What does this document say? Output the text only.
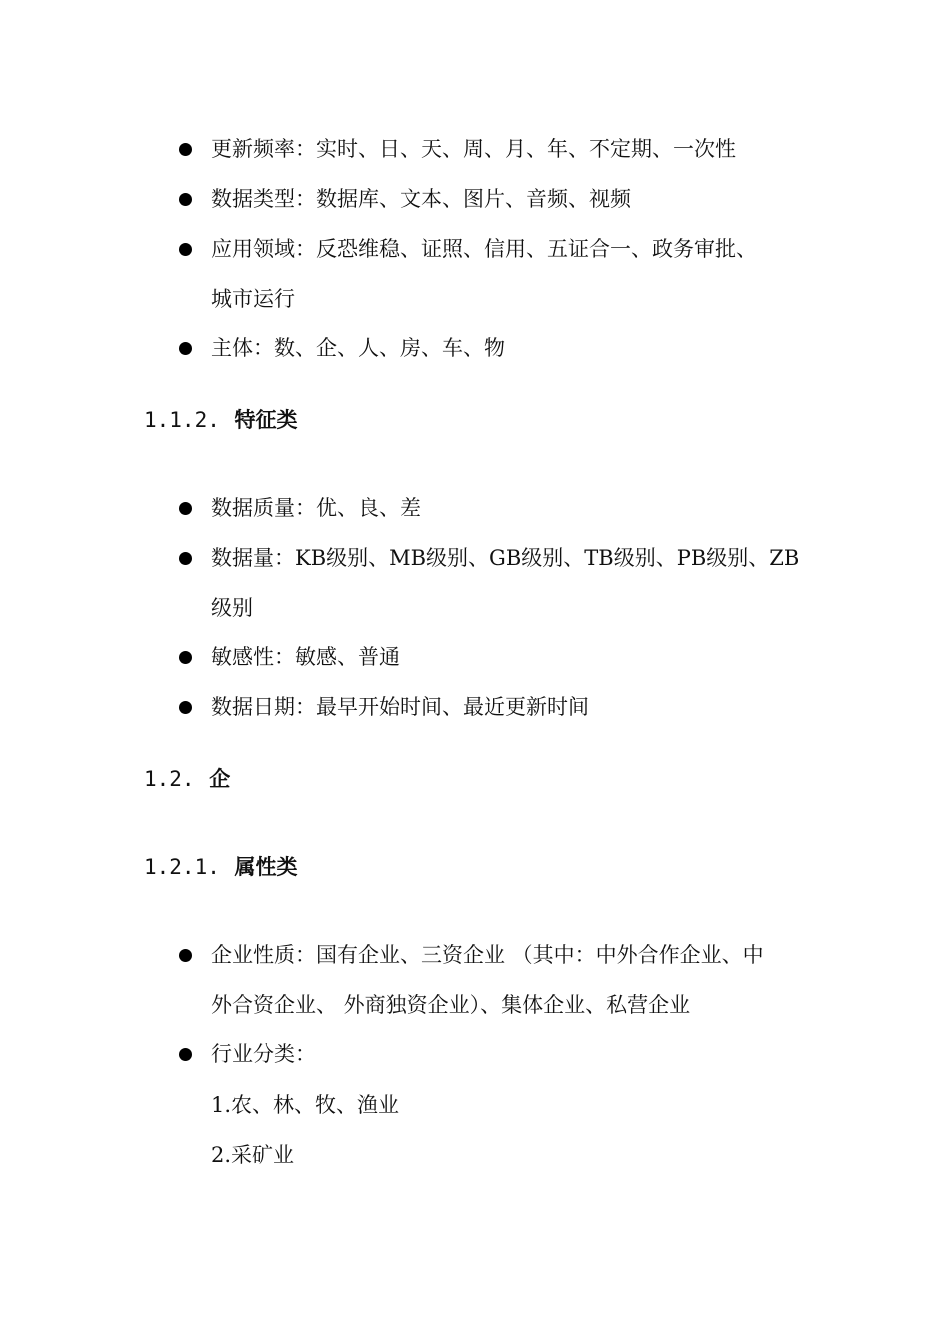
更新频率：实时、日、天、周、月、年、不定期、一次性
数据类型：数据库、文本、图片、音频、视频
应用领域：反恐维稳、证照、信用、五证合一、政务审批、
城市运行
主体：数、企、人、房、车、物
1.1.2. 特征类
数据质量：优、良、差
数据量：KB级别、MB级别、GB级别、TB级别、PB级别、ZB
级别
敏感性：敏感、普通
数据日期：最早开始时间、最近更新时间
1.2. 企
1.2.1. 属性类
企业性质：国有企业、三资企业 （其中：中外合作企业、中
外合资企业、 外商独资企业）、集体企业、私营企业
行业分类：
1.农、林、牧、渔业
2.采矿业
